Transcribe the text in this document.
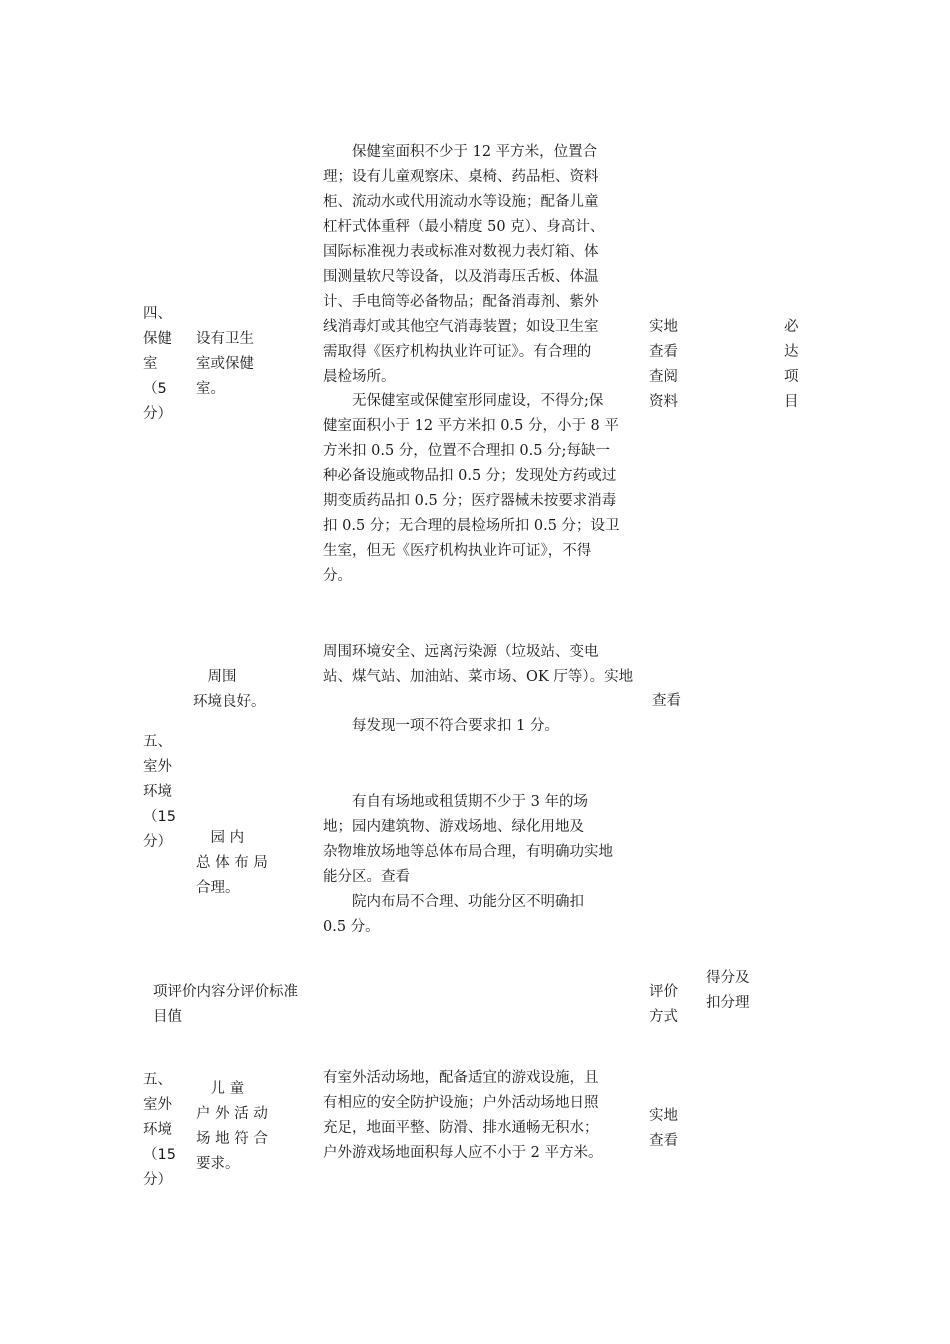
四、
保健
室
（5
分）

设有卫生
室或保健
室。

　　保健室面积不少于 12 平方米，位置合
理；设有儿童观察床、桌椅、药品柜、资料
柜、流动水或代用流动水等设施；配备儿童
杠杆式体重秤（最小精度 50 克）、身高计、
国际标准视力表或标准对数视力表灯箱、体
围测量软尺等设备，以及消毒压舌板、体温
计、手电筒等必备物品；配备消毒剂、紫外
线消毒灯或其他空气消毒装置；如设卫生室
需取得《医疗机构执业许可证》。有合理的
晨检场所。

　　无保健室或保健室形同虚设，不得分;保
健室面积小于 12 平方米扣 0.5 分，小于 8 平
方米扣 0.5 分，位置不合理扣 0.5 分;每缺一
种必备设施或物品扣 0.5 分；发现处方药或过
期变质药品扣 0.5 分；医疗器械未按要求消毒
扣 0.5 分；无合理的晨检场所扣 0.5 分；设卫
生室，但无《医疗机构执业许可证》，不得
分。

实地
查看
查阅
资料

必
达
项
目

　周围
环境良好。

周围环境安全、远离污染源（垃圾站、变电
站、煤气站、加油站、菜市场、OK 厅等）。实地

查看

　　每发现一项不符合要求扣 1 分。

五、
室外
环境
（15
分）	　园 内
总 体 布 局
合理。

　　有自有场地或租赁期不少于 3 年的场
地；园内建筑物、游戏场地、绿化用地及
杂物堆放场地等总体布局合理，有明确功实地
能分区。查看
　　院内布局不合理、功能分区不明确扣
0.5 分。

项评价内容分评价标准
目值

评价
方式

得分及
扣分理

五、
室外
环境
（15
分）

　儿 童
户 外 活 动
场 地 符 合
要求。

有室外活动场地，配备适宜的游戏设施，且
有相应的安全防护设施；户外活动场地日照
充足，地面平整、防滑、排水通畅无积水；
户外游戏场地面积每人应不小于 2 平方米。

实地
查看
